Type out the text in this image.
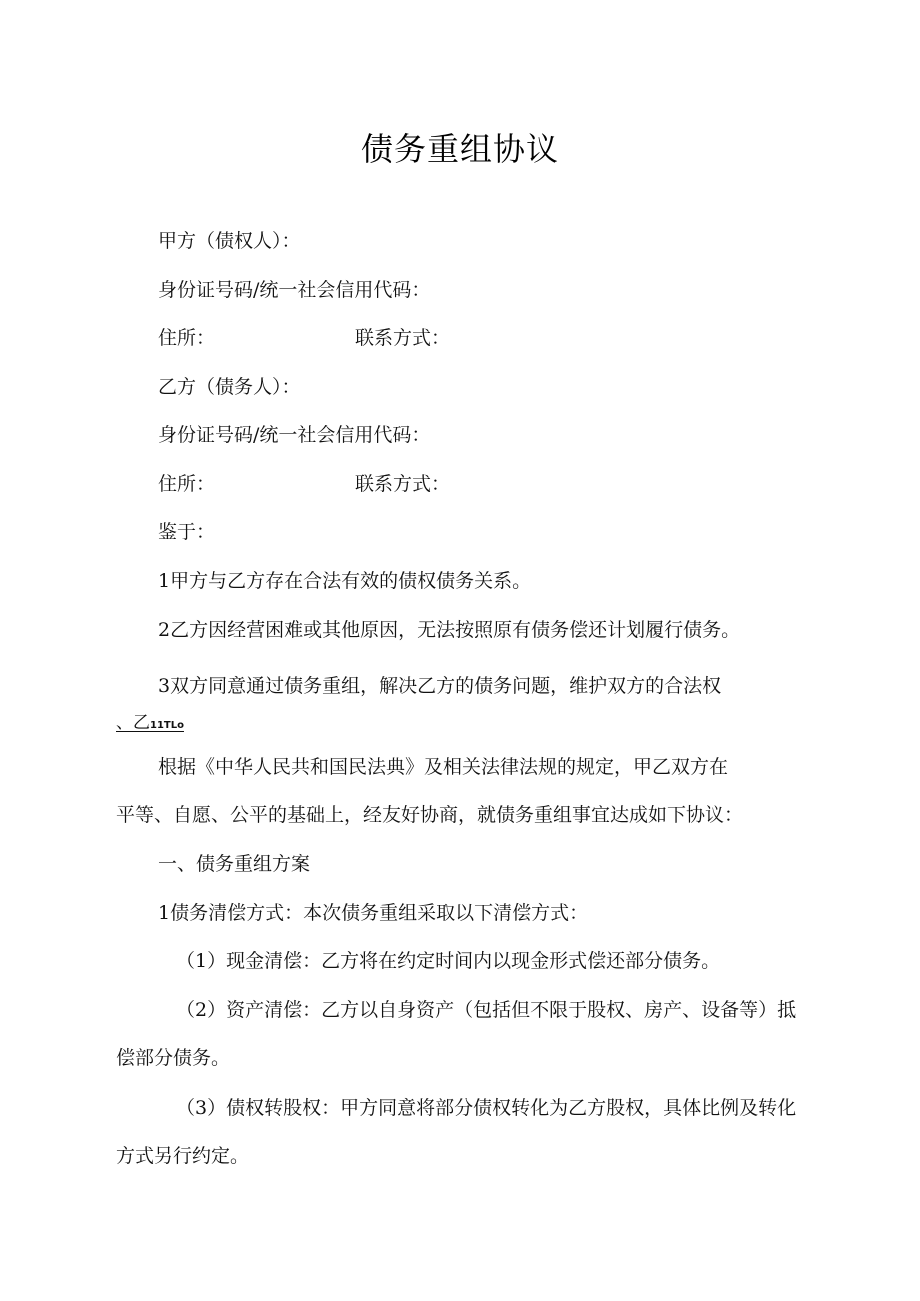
债务重组协议
甲方（债权人）：
身份证号码/统一社会信用代码：
住所：	联系方式：
乙方（债务人）：
身份证号码/统一社会信用代码：
住所：	联系方式：
鉴于：
1甲方与乙方存在合法有效的债权债务关系。
2乙方因经营困难或其他原因，无法按照原有债务偿还计划履行债务。
3双方同意通过债务重组，解决乙方的债务问题，维护双方的合法权
、乙11TLo
根据《中华人民共和国民法典》及相关法律法规的规定，甲乙双方在
平等、自愿、公平的基础上，经友好协商，就债务重组事宜达成如下协议：
一、债务重组方案
1债务清偿方式：本次债务重组采取以下清偿方式：
（1）现金清偿：乙方将在约定时间内以现金形式偿还部分债务。
（2）资产清偿：乙方以自身资产（包括但不限于股权、房产、设备等）抵
偿部分债务。
（3）债权转股权：甲方同意将部分债权转化为乙方股权，具体比例及转化
方式另行约定。
